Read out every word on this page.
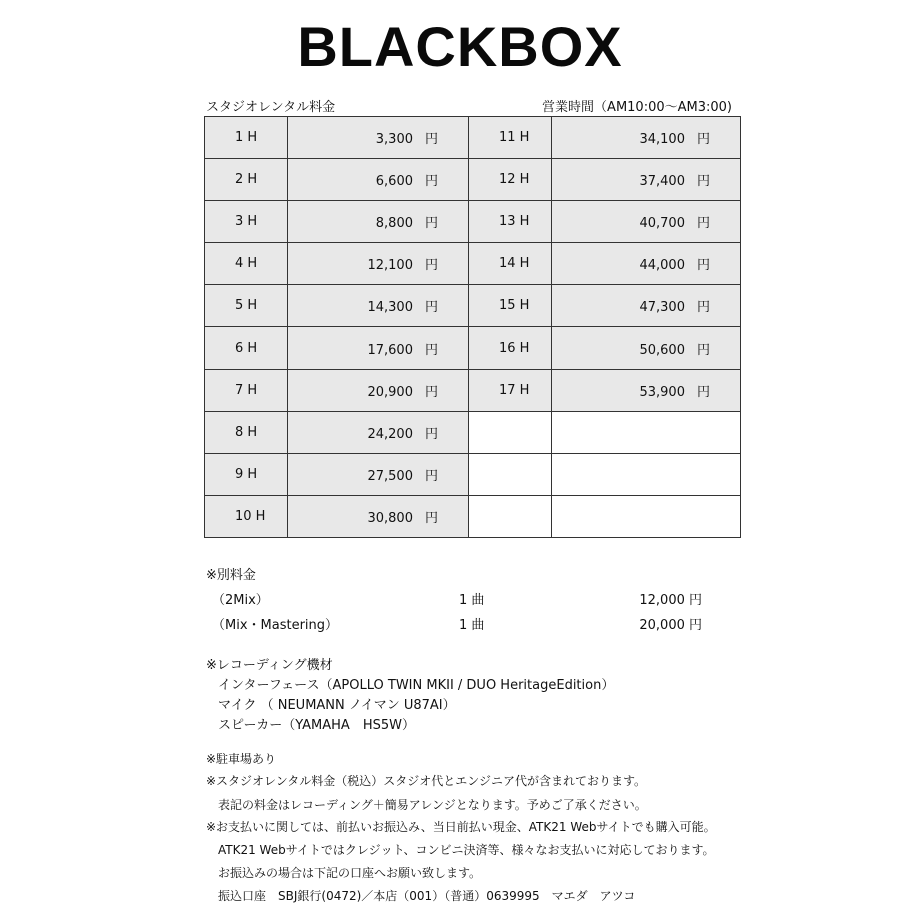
BLACKBOX
スタジオレンタル料金	営業時間（AM10:00〜AM3:00)
1 H	3,300 円	11 H	34,100 円
2 H	6,600 円	12 H	37,400 円
3 H	8,800 円	13 H	40,700 円
4 H	12,100 円	14 H	44,000 円
5 H	14,300 円	15 H	47,300 円
6 H	17,600 円	16 H	50,600 円
7 H	20,900 円	17 H	53,900 円
8 H	24,200 円		
9 H	27,500 円		
10 H	30,800 円		
※別料金
（2Mix）	1 曲	12,000 円
（Mix・Mastering）	1 曲	20,000 円
※レコーディング機材
インターフェース（APOLLO TWIN MKII / DUO HeritageEdition）
マイク （ NEUMANN ノイマン U87AI）
スピーカー（YAMAHA　HS5W）
※駐車場あり
※スタジオレンタル料金（税込）スタジオ代とエンジニア代が含まれております。
表記の料金はレコーディング＋簡易アレンジとなります。予めご了承ください。
※お支払いに関しては、前払いお振込み、当日前払い現金、ATK21 Webサイトでも購入可能。
ATK21 Webサイトではクレジット、コンビニ決済等、様々なお支払いに対応しております。
お振込みの場合は下記の口座へお願い致します。
振込口座　SBJ銀行(0472)／本店（001）（普通）0639995　マエダ　アツコ
